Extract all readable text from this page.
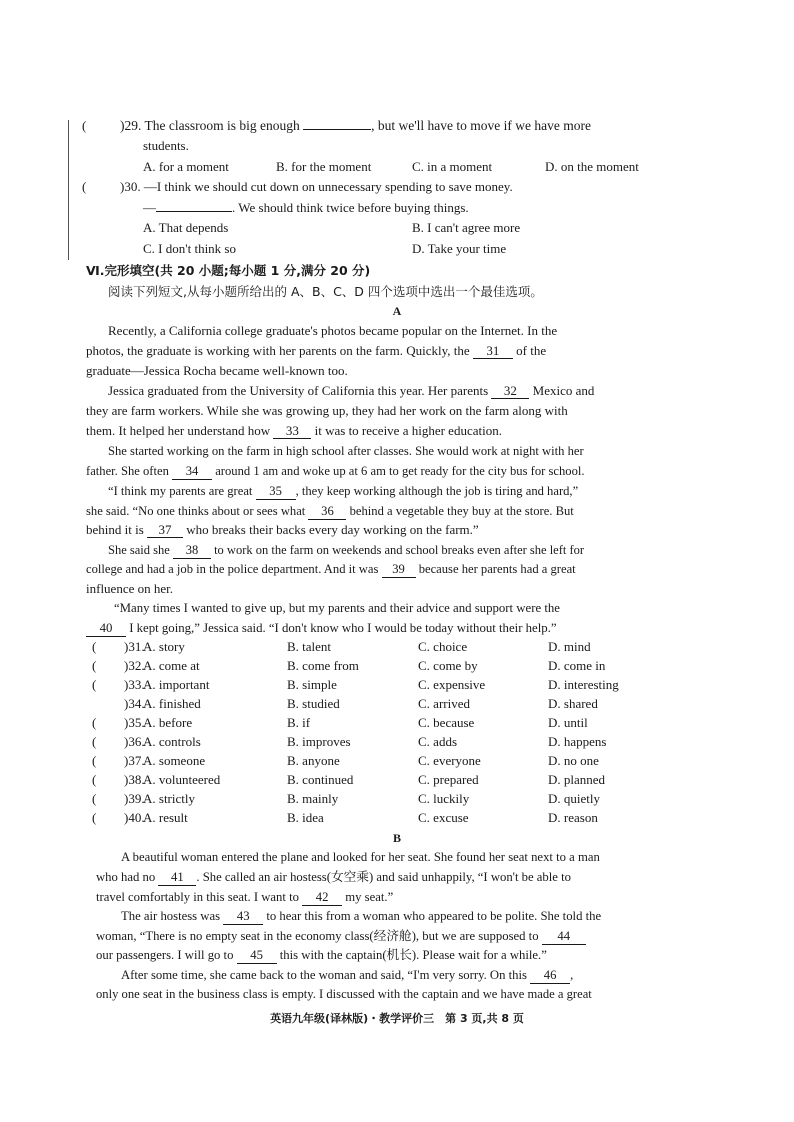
( )29. The classroom is big enough	, but we'll have to move if we have more
students.
A. for a moment	B. for the moment	C. in a moment	D. on the moment
(	)30. —I think we should cut down on unnecessary spending to save money.
—	. We should think twice before buying things.
A. That depends	B. I can't agree more
C. I don't think so	D. Take your time
Ⅵ.完形填空(共 20 小题;每小题 1 分,满分 20 分)
阅读下列短文,从每小题所给出的 A、B、C、D 四个选项中选出一个最佳选项。
A
Recently, a California college graduate's photos became popular on the Internet. In the
photos, the graduate is working with her parents on the farm. Quickly, the 31 of the
graduate—Jessica Rocha became well-known too.
Jessica graduated from the University of California this year. Her parents 32 Mexico and
they are farm workers. While she was growing up, they had her work on the farm along with
them. It helped her understand how 33 it was to receive a higher education.
She started working on the farm in high school after classes. She would work at night with her
father. She often 34 around 1 am and woke up at 6 am to get ready for the city bus for school.
“I think my parents are great 35 , they keep working although the job is tiring and hard,”
she said. “No one thinks about or sees what 36 behind a vegetable they buy at the store. But
behind it is 37 who breaks their backs every day working on the farm.”
She said she 38 to work on the farm on weekends and school breaks even after she left for
college and had a job in the police department. And it was 39 because her parents had a great
influence on her.
“Many times I wanted to give up, but my parents and their advice and support were the
40 I kept going,” Jessica said. “I don't know who I would be today without their help.”
( )31.
A. story	B. talent	C. choice	D. mind
( )32.
A. come at	B. come from	C. come by	D. come in
( )33.
A. important	B. simple	C. expensive	D. interesting
)34.
A. finished	B. studied	C. arrived	D. shared
( )35.
A. before	B. if	C. because	D. until
( )36.
A. controls	B. improves	C. adds	D. happens
( )37.
A. someone	B. anyone	C. everyone	D. no one
( )38.
A. volunteered	B. continued	C. prepared	D. planned
( )39.
A. strictly	B. mainly	C. luckily	D. quietly
( )40.
A. result	B. idea	C. excuse	D. reason
B
A beautiful woman entered the plane and looked for her seat. She found her seat next to a man
who had no 41 . She called an air hostess(女空乘) and said unhappily, “I won't be able to
travel comfortably in this seat. I want to 42 my seat.”
The air hostess was 43 to hear this from a woman who appeared to be polite. She told the
woman, “There is no empty seat in the economy class(经济舱), but we are supposed to 44
our passengers. I will go to 45 this with the captain(机长). Please wait for a while.”
After some time, she came back to the woman and said, “I'm very sorry. On this 46 ,
only one seat in the business class is empty. I discussed with the captain and we have made a great
英语九年级(译林版)・教学评价三　第 3 页,共 8 页
